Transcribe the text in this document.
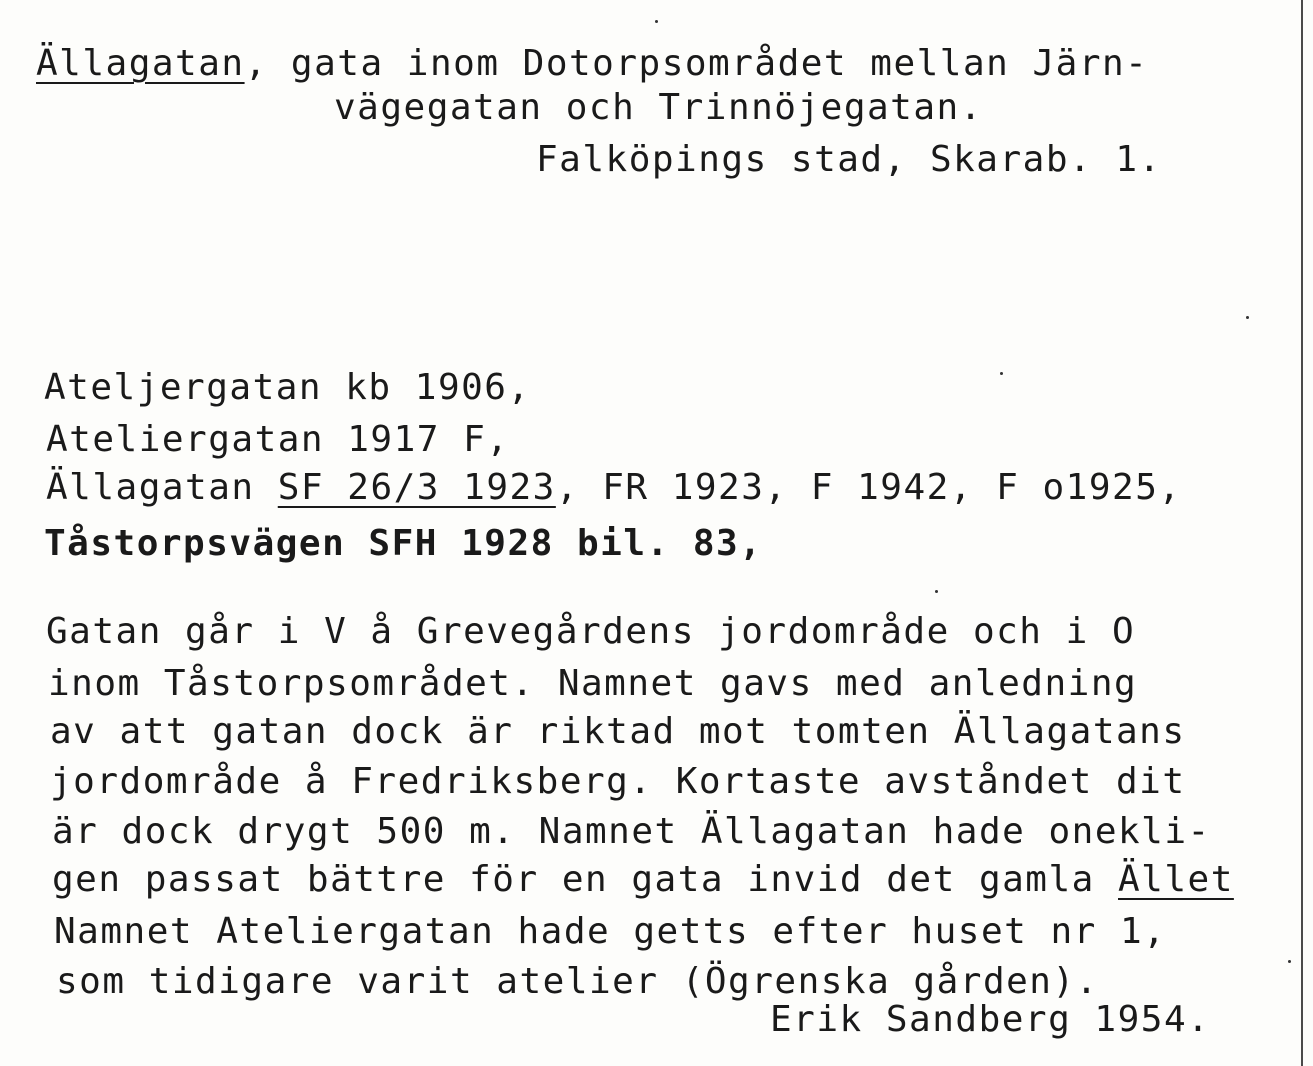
Ällagatan, gata inom Dotorpsområdet mellan Järn-
vägegatan och Trinnöjegatan.
Falköpings stad, Skarab. 1.
Ateljergatan kb 1906,
Ateliergatan 1917 F,
Ällagatan SF 26/3 1923, FR 1923, F 1942, F o1925,
Tåstorpsvägen SFH 1928 bil. 83,
Gatan går i V å Grevegårdens jordområde och i O
inom Tåstorpsområdet. Namnet gavs med anledning
av att gatan dock är riktad mot tomten Ällagatans
jordområde å Fredriksberg. Kortaste avståndet dit
är dock drygt 500 m. Namnet Ällagatan hade onekli-
gen passat bättre för en gata invid det gamla Ället
Namnet Ateliergatan hade getts efter huset nr 1,
som tidigare varit atelier (Ögrenska gården).
Erik Sandberg 1954.
